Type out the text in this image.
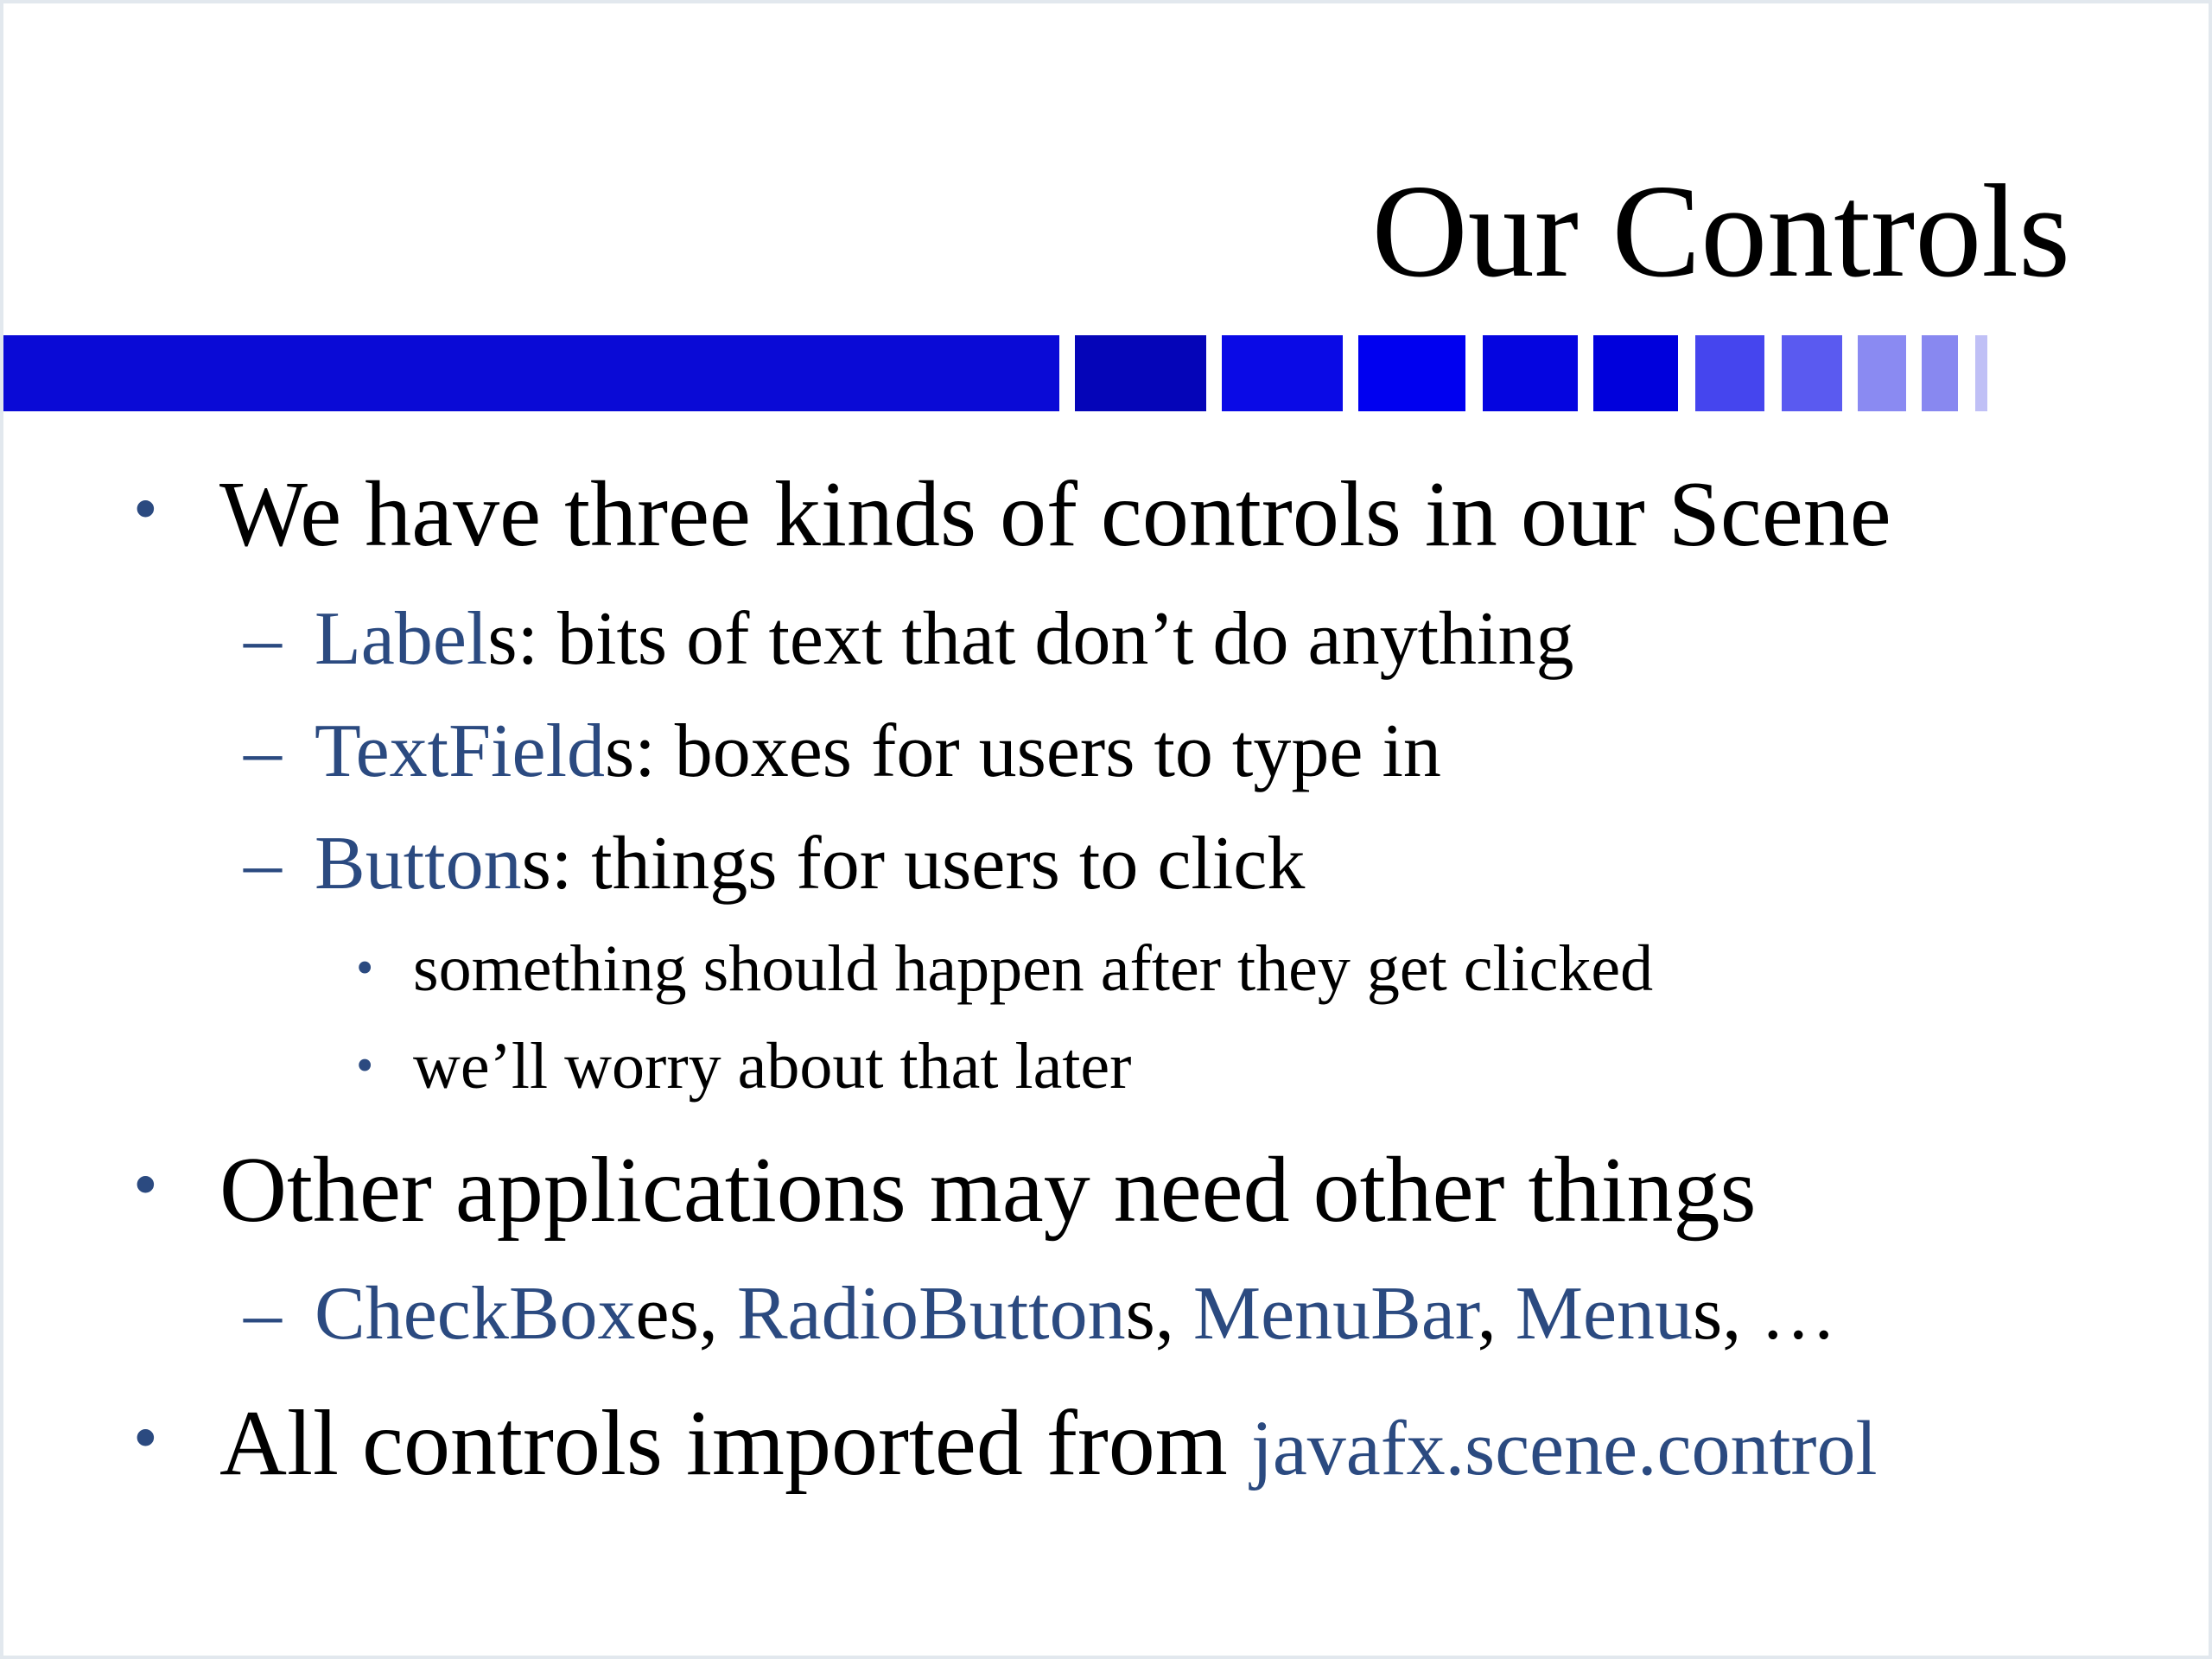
Our Controls
• We have three kinds of controls in our Scene
– Labels: bits of text that don’t do anything
– TextFields: boxes for users to type in
– Buttons: things for users to click
• something should happen after they get clicked
• we’ll worry about that later
• Other applications may need other things
– CheckBoxes, RadioButtons, MenuBar, Menus, …
• All controls imported from javafx.scene.control
